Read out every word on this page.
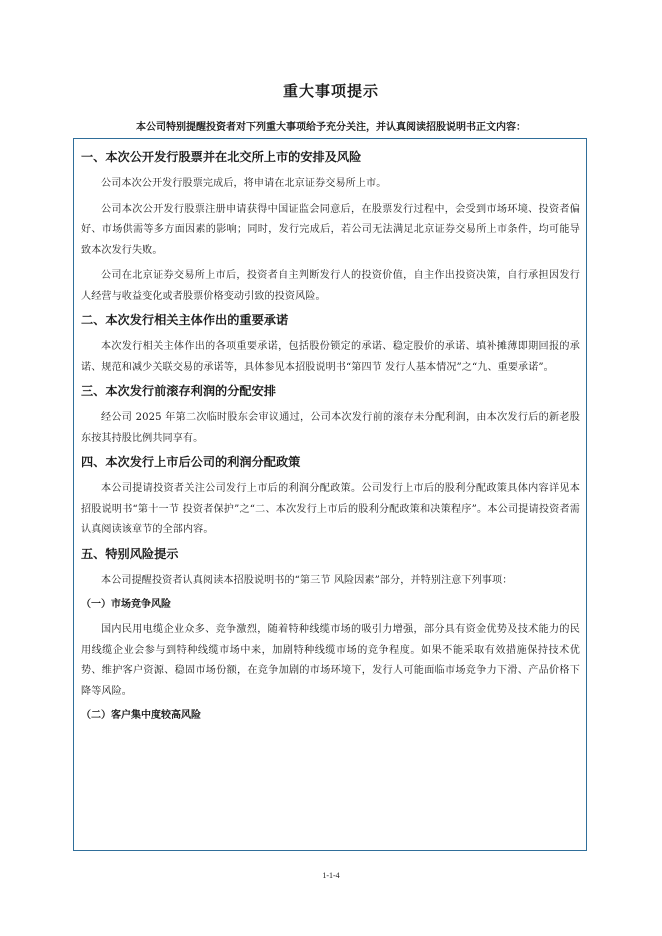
重大事项提示
本公司特别提醒投资者对下列重大事项给予充分关注，并认真阅读招股说明书正文内容：
一、本次公开发行股票并在北交所上市的安排及风险

公司本次公开发行股票完成后，将申请在北京证券交易所上市。

公司本次公开发行股票注册申请获得中国证监会同意后，在股票发行过程中，会受到市场环境、投资者偏好、市场供需等多方面因素的影响；同时，发行完成后，若公司无法满足北京证券交易所上市条件，均可能导致本次发行失败。

公司在北京证券交易所上市后，投资者自主判断发行人的投资价值，自主作出投资决策，自行承担因发行人经营与收益变化或者股票价格变动引致的投资风险。

二、本次发行相关主体作出的重要承诺

本次发行相关主体作出的各项重要承诺，包括股份锁定的承诺、稳定股价的承诺、填补摊薄即期回报的承诺、规范和减少关联交易的承诺等，具体参见本招股说明书“第四节 发行人基本情况”之“九、重要承诺”。

三、本次发行前滚存利润的分配安排

经公司 2025 年第二次临时股东会审议通过，公司本次发行前的滚存未分配利润，由本次发行后的新老股东按其持股比例共同享有。

四、本次发行上市后公司的利润分配政策

本公司提请投资者关注公司发行上市后的利润分配政策。公司发行上市后的股利分配政策具体内容详见本招股说明书“第十一节 投资者保护”之“二、本次发行上市后的股利分配政策和决策程序”。本公司提请投资者需认真阅读该章节的全部内容。

五、特别风险提示

本公司提醒投资者认真阅读本招股说明书的“第三节 风险因素”部分，并特别注意下列事项：

（一）市场竞争风险

国内民用电缆企业众多、竞争激烈，随着特种线缆市场的吸引力增强，部分具有资金优势及技术能力的民用线缆企业会参与到特种线缆市场中来，加剧特种线缆市场的竞争程度。如果不能采取有效措施保持技术优势、维护客户资源、稳固市场份额，在竞争加剧的市场环境下，发行人可能面临市场竞争力下滑、产品价格下降等风险。

（二）客户集中度较高风险
1-1-4
